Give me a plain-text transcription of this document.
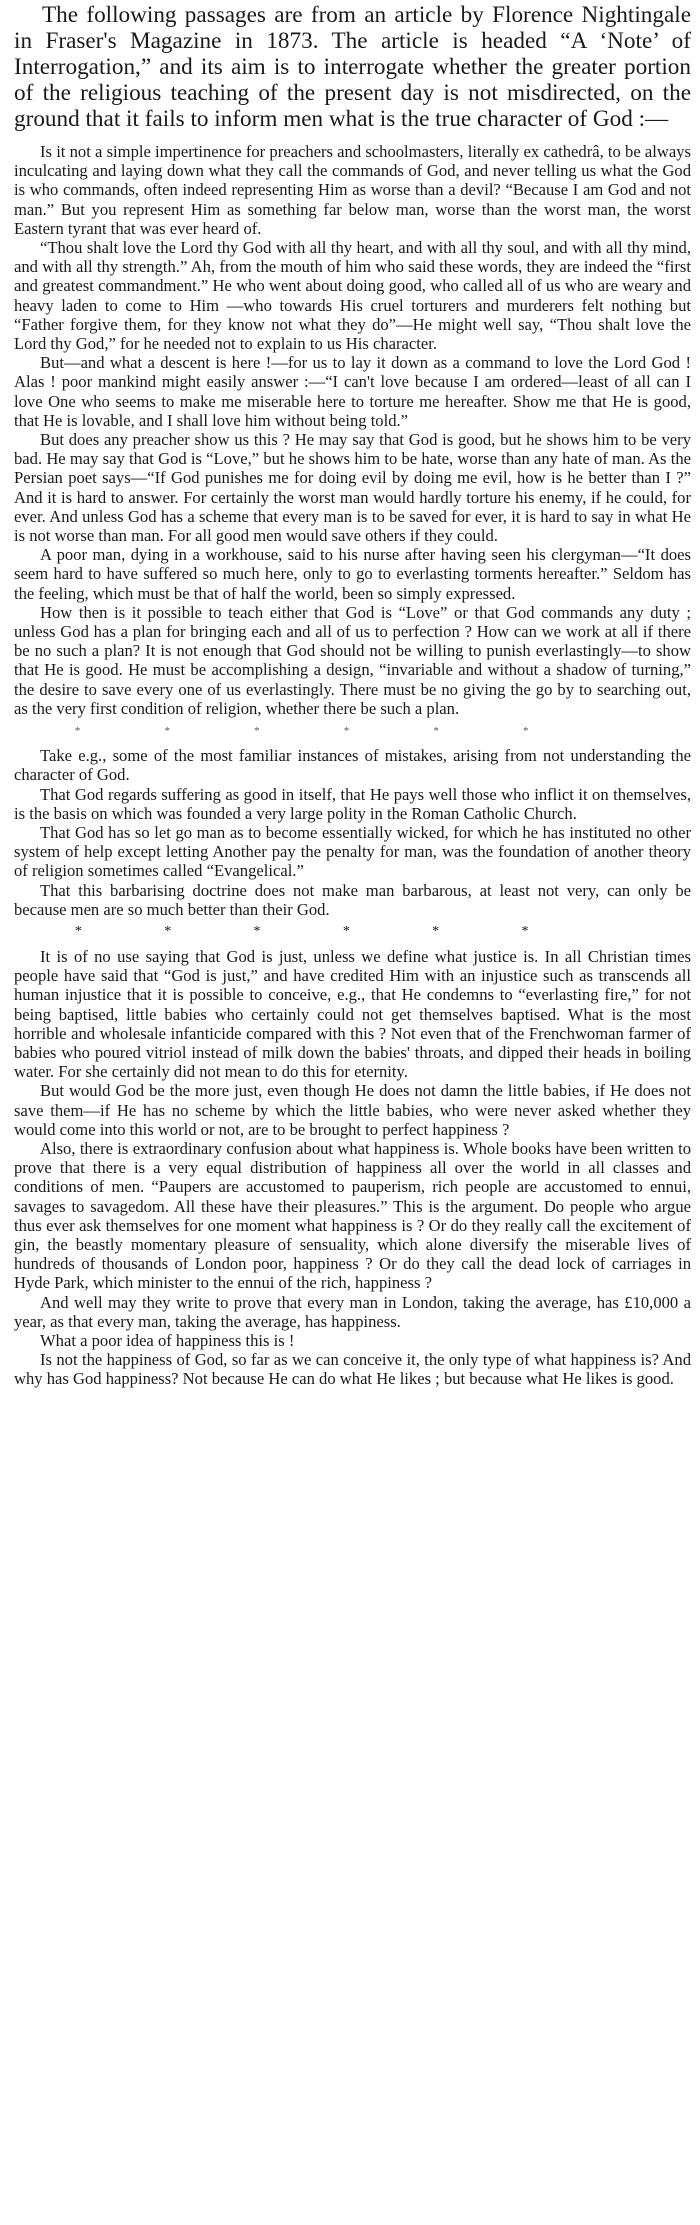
The following passages are from an article by Florence Nightingale in Fraser's Magazine in 1873. The article is headed “A ‘Note’ of Interrogation,” and its aim is to interrogate whether the greater portion of the religious teaching of the present day is not misdirected, on the ground that it fails to inform men what is the true character of God :—

Is it not a simple impertinence for preachers and schoolmasters, literally ex cathedrâ, to be always inculcating and laying down what they call the commands of God, and never telling us what the God is who commands, often indeed representing Him as worse than a devil? “Because I am God and not man.” But you represent Him as something far below man, worse than the worst man, the worst Eastern tyrant that was ever heard of.

“Thou shalt love the Lord thy God with all thy heart, and with all thy soul, and with all thy mind, and with all thy strength.” Ah, from the mouth of him who said these words, they are indeed the “first and greatest commandment.” He who went about doing good, who called all of us who are weary and heavy laden to come to Him —who towards His cruel torturers and murderers felt nothing but “Father forgive them, for they know not what they do”—He might well say, “Thou shalt love the Lord thy God,” for he needed not to explain to us His character.

But—and what a descent is here !—for us to lay it down as a command to love the Lord God ! Alas ! poor mankind might easily answer :—“I can't love because I am ordered—least of all can I love One who seems to make me miserable here to torture me hereafter. Show me that He is good, that He is lovable, and I shall love him without being told.”

But does any preacher show us this ? He may say that God is good, but he shows him to be very bad. He may say that God is “Love,” but he shows him to be hate, worse than any hate of man. As the Persian poet says—“If God punishes me for doing evil by doing me evil, how is he better than I ?” And it is hard to answer. For certainly the worst man would hardly torture his enemy, if he could, for ever. And unless God has a scheme that every man is to be saved for ever, it is hard to say in what He is not worse than man. For all good men would save others if they could.

A poor man, dying in a workhouse, said to his nurse after having seen his clergyman—“It does seem hard to have suffered so much here, only to go to everlasting torments hereafter.” Seldom has the feeling, which must be that of half the world, been so simply expressed.

How then is it possible to teach either that God is “Love” or that God commands any duty ; unless God has a plan for bringing each and all of us to perfection ? How can we work at all if there be no such a plan? It is not enough that God should not be willing to punish everlastingly—to show that He is good. He must be accomplishing a design, “invariable and without a shadow of turning,” the desire to save every one of us everlastingly. There must be no giving the go by to searching out, as the very first condition of religion, whether there be such a plan.

*	*	*	*	*	*

Take e.g., some of the most familiar instances of mistakes, arising from not understanding the character of God.

That God regards suffering as good in itself, that He pays well those who inflict it on themselves, is the basis on which was founded a very large polity in the Roman Catholic Church.

That God has so let go man as to become essentially wicked, for which he has instituted no other system of help except letting Another pay the penalty for man, was the foundation of another theory of religion sometimes called “Evangelical.”

That this barbarising doctrine does not make man barbarous, at least not very, can only be because men are so much better than their God.

*	*	*	*	*	*

It is of no use saying that God is just, unless we define what justice is. In all Christian times people have said that “God is just,” and have credited Him with an injustice such as transcends all human injustice that it is possible to conceive, e.g., that He condemns to “everlasting fire,” for not being baptised, little babies who certainly could not get themselves baptised. What is the most horrible and wholesale infanticide compared with this ? Not even that of the Frenchwoman farmer of babies who poured vitriol instead of milk down the babies' throats, and dipped their heads in boiling water. For she certainly did not mean to do this for eternity.

But would God be the more just, even though He does not damn the little babies, if He does not save them—if He has no scheme by which the little babies, who were never asked whether they would come into this world or not, are to be brought to perfect happiness ?

Also, there is extraordinary confusion about what happiness is. Whole books have been written to prove that there is a very equal distribution of happiness all over the world in all classes and conditions of men. “Paupers are accustomed to pauperism, rich people are accustomed to ennui, savages to savagedom. All these have their pleasures.” This is the argument. Do people who argue thus ever ask themselves for one moment what happiness is ? Or do they really call the excitement of gin, the beastly momentary pleasure of sensuality, which alone diversify the miserable lives of hundreds of thousands of London poor, happiness ? Or do they call the dead lock of carriages in Hyde Park, which minister to the ennui of the rich, happiness ?

And well may they write to prove that every man in London, taking the average, has £10,000 a year, as that every man, taking the average, has happiness.

What a poor idea of happiness this is !

Is not the happiness of God, so far as we can conceive it, the only type of what happiness is? And why has God happiness? Not because He can do what He likes ; but because what He likes is good.
